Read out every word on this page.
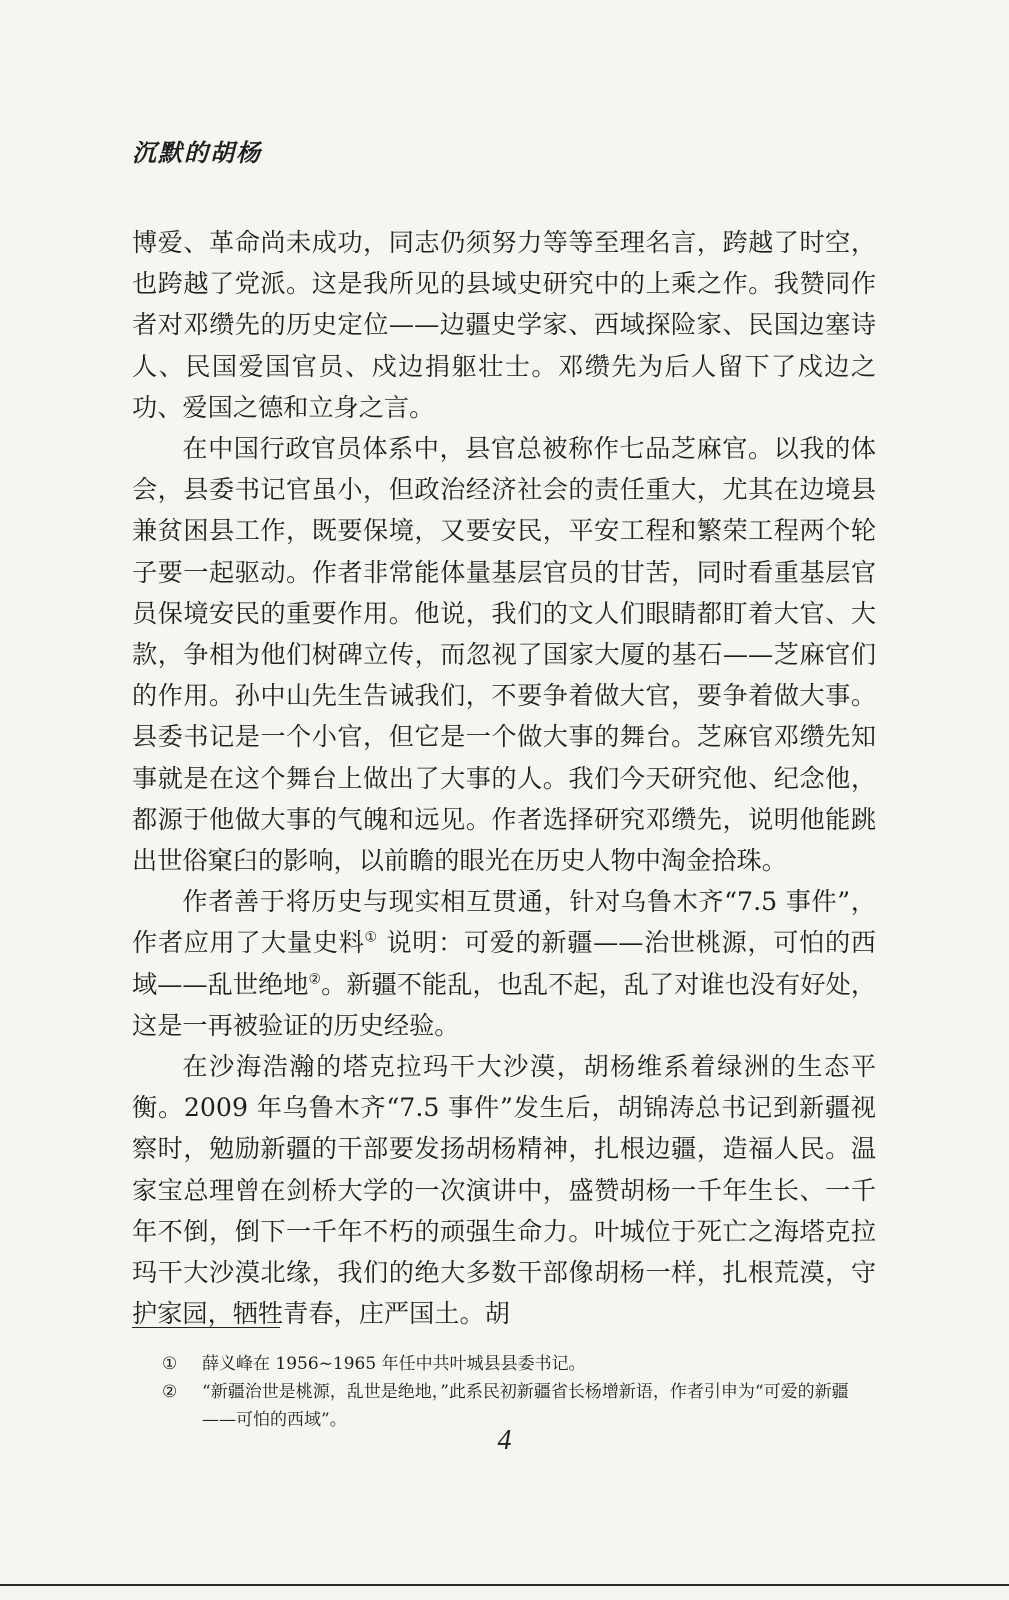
沉默的胡杨

博爱、革命尚未成功，同志仍须努力等等至理名言，跨越了时空，也跨越了党派。这是我所见的县域史研究中的上乘之作。我赞同作者对邓缵先的历史定位——边疆史学家、西域探险家、民国边塞诗人、民国爱国官员、戍边捐躯壮士。邓缵先为后人留下了戍边之功、爱国之德和立身之言。

在中国行政官员体系中，县官总被称作七品芝麻官。以我的体会，县委书记官虽小，但政治经济社会的责任重大，尤其在边境县兼贫困县工作，既要保境，又要安民，平安工程和繁荣工程两个轮子要一起驱动。作者非常能体量基层官员的甘苦，同时看重基层官员保境安民的重要作用。他说，我们的文人们眼睛都盯着大官、大款，争相为他们树碑立传，而忽视了国家大厦的基石——芝麻官们的作用。孙中山先生告诫我们，不要争着做大官，要争着做大事。县委书记是一个小官，但它是一个做大事的舞台。芝麻官邓缵先知事就是在这个舞台上做出了大事的人。我们今天研究他、纪念他，都源于他做大事的气魄和远见。作者选择研究邓缵先，说明他能跳出世俗窠臼的影响，以前瞻的眼光在历史人物中淘金拾珠。

作者善于将历史与现实相互贯通，针对乌鲁木齐“7.5 事件”，作者应用了大量史料① 说明：可爱的新疆——治世桃源，可怕的西域——乱世绝地②。新疆不能乱，也乱不起，乱了对谁也没有好处，这是一再被验证的历史经验。

在沙海浩瀚的塔克拉玛干大沙漠，胡杨维系着绿洲的生态平衡。2009 年乌鲁木齐“7.5 事件”发生后，胡锦涛总书记到新疆视察时，勉励新疆的干部要发扬胡杨精神，扎根边疆，造福人民。温家宝总理曾在剑桥大学的一次演讲中，盛赞胡杨一千年生长、一千年不倒，倒下一千年不朽的顽强生命力。叶城位于死亡之海塔克拉玛干大沙漠北缘，我们的绝大多数干部像胡杨一样，扎根荒漠，守护家园，牺牲青春，庄严国土。胡

① 薛义峰在 1956~1965 年任中共叶城县县委书记。

② “新疆治世是桃源，乱世是绝地，”此系民初新疆省长杨增新语，作者引申为“可爱的新疆——可怕的西域”。

4
